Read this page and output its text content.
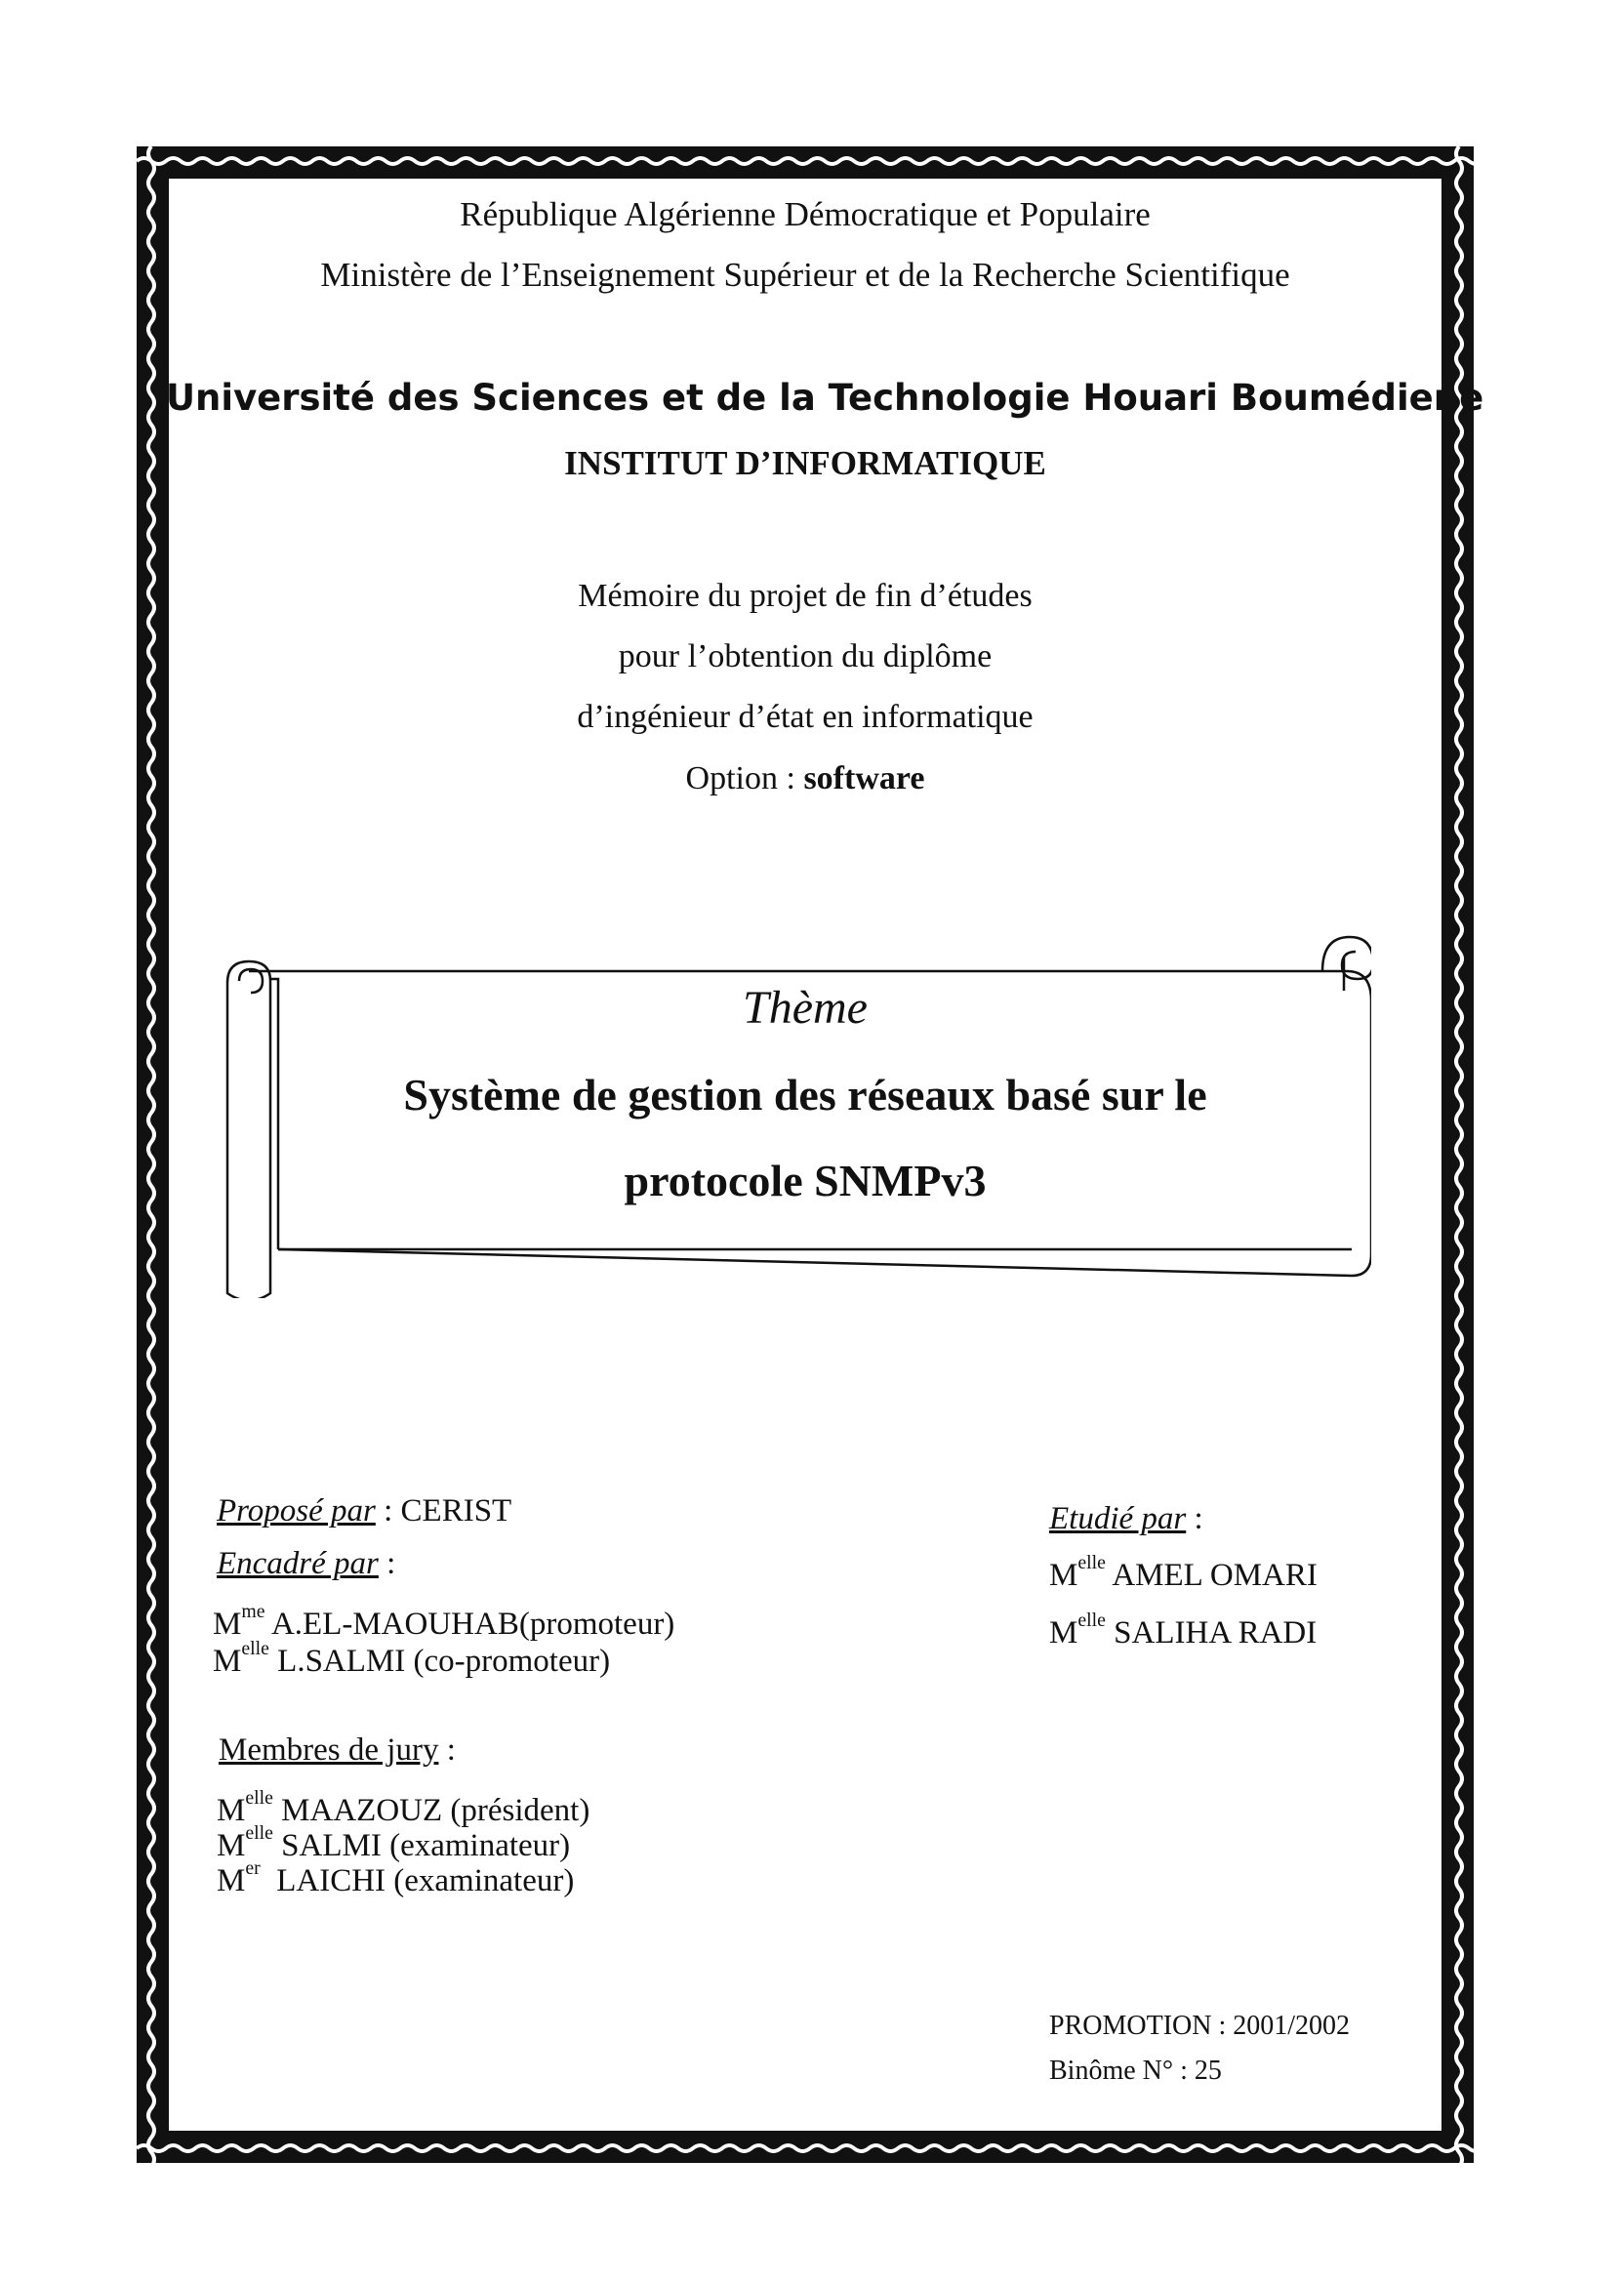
République Algérienne Démocratique et Populaire
Ministère de l’Enseignement Supérieur et de la Recherche Scientifique
Université des Sciences et de la Technologie Houari Boumédiene
INSTITUT D’INFORMATIQUE
Mémoire du projet de fin d’études
pour l’obtention du diplôme
d’ingénieur d’état en informatique
Option : software
Thème
Système de gestion des réseaux basé sur le
protocole SNMPv3
Proposé par : CERIST
Encadré par :
$M^{me}$ A.EL-MAOUHAB(promoteur)
$M^{elle}$ L.SALMI (co-promoteur)
Membres de jury :
$M^{elle}$ MAAZOUZ (président)
$M^{elle}$ SALMI (examinateur)
Mer LAICHI (examinateur)
Etudié par :
$M^{elle}$ AMEL OMARI
$M^{elle}$ SALIHA RADI
PROMOTION : 2001/2002
Binôme N° : 25
